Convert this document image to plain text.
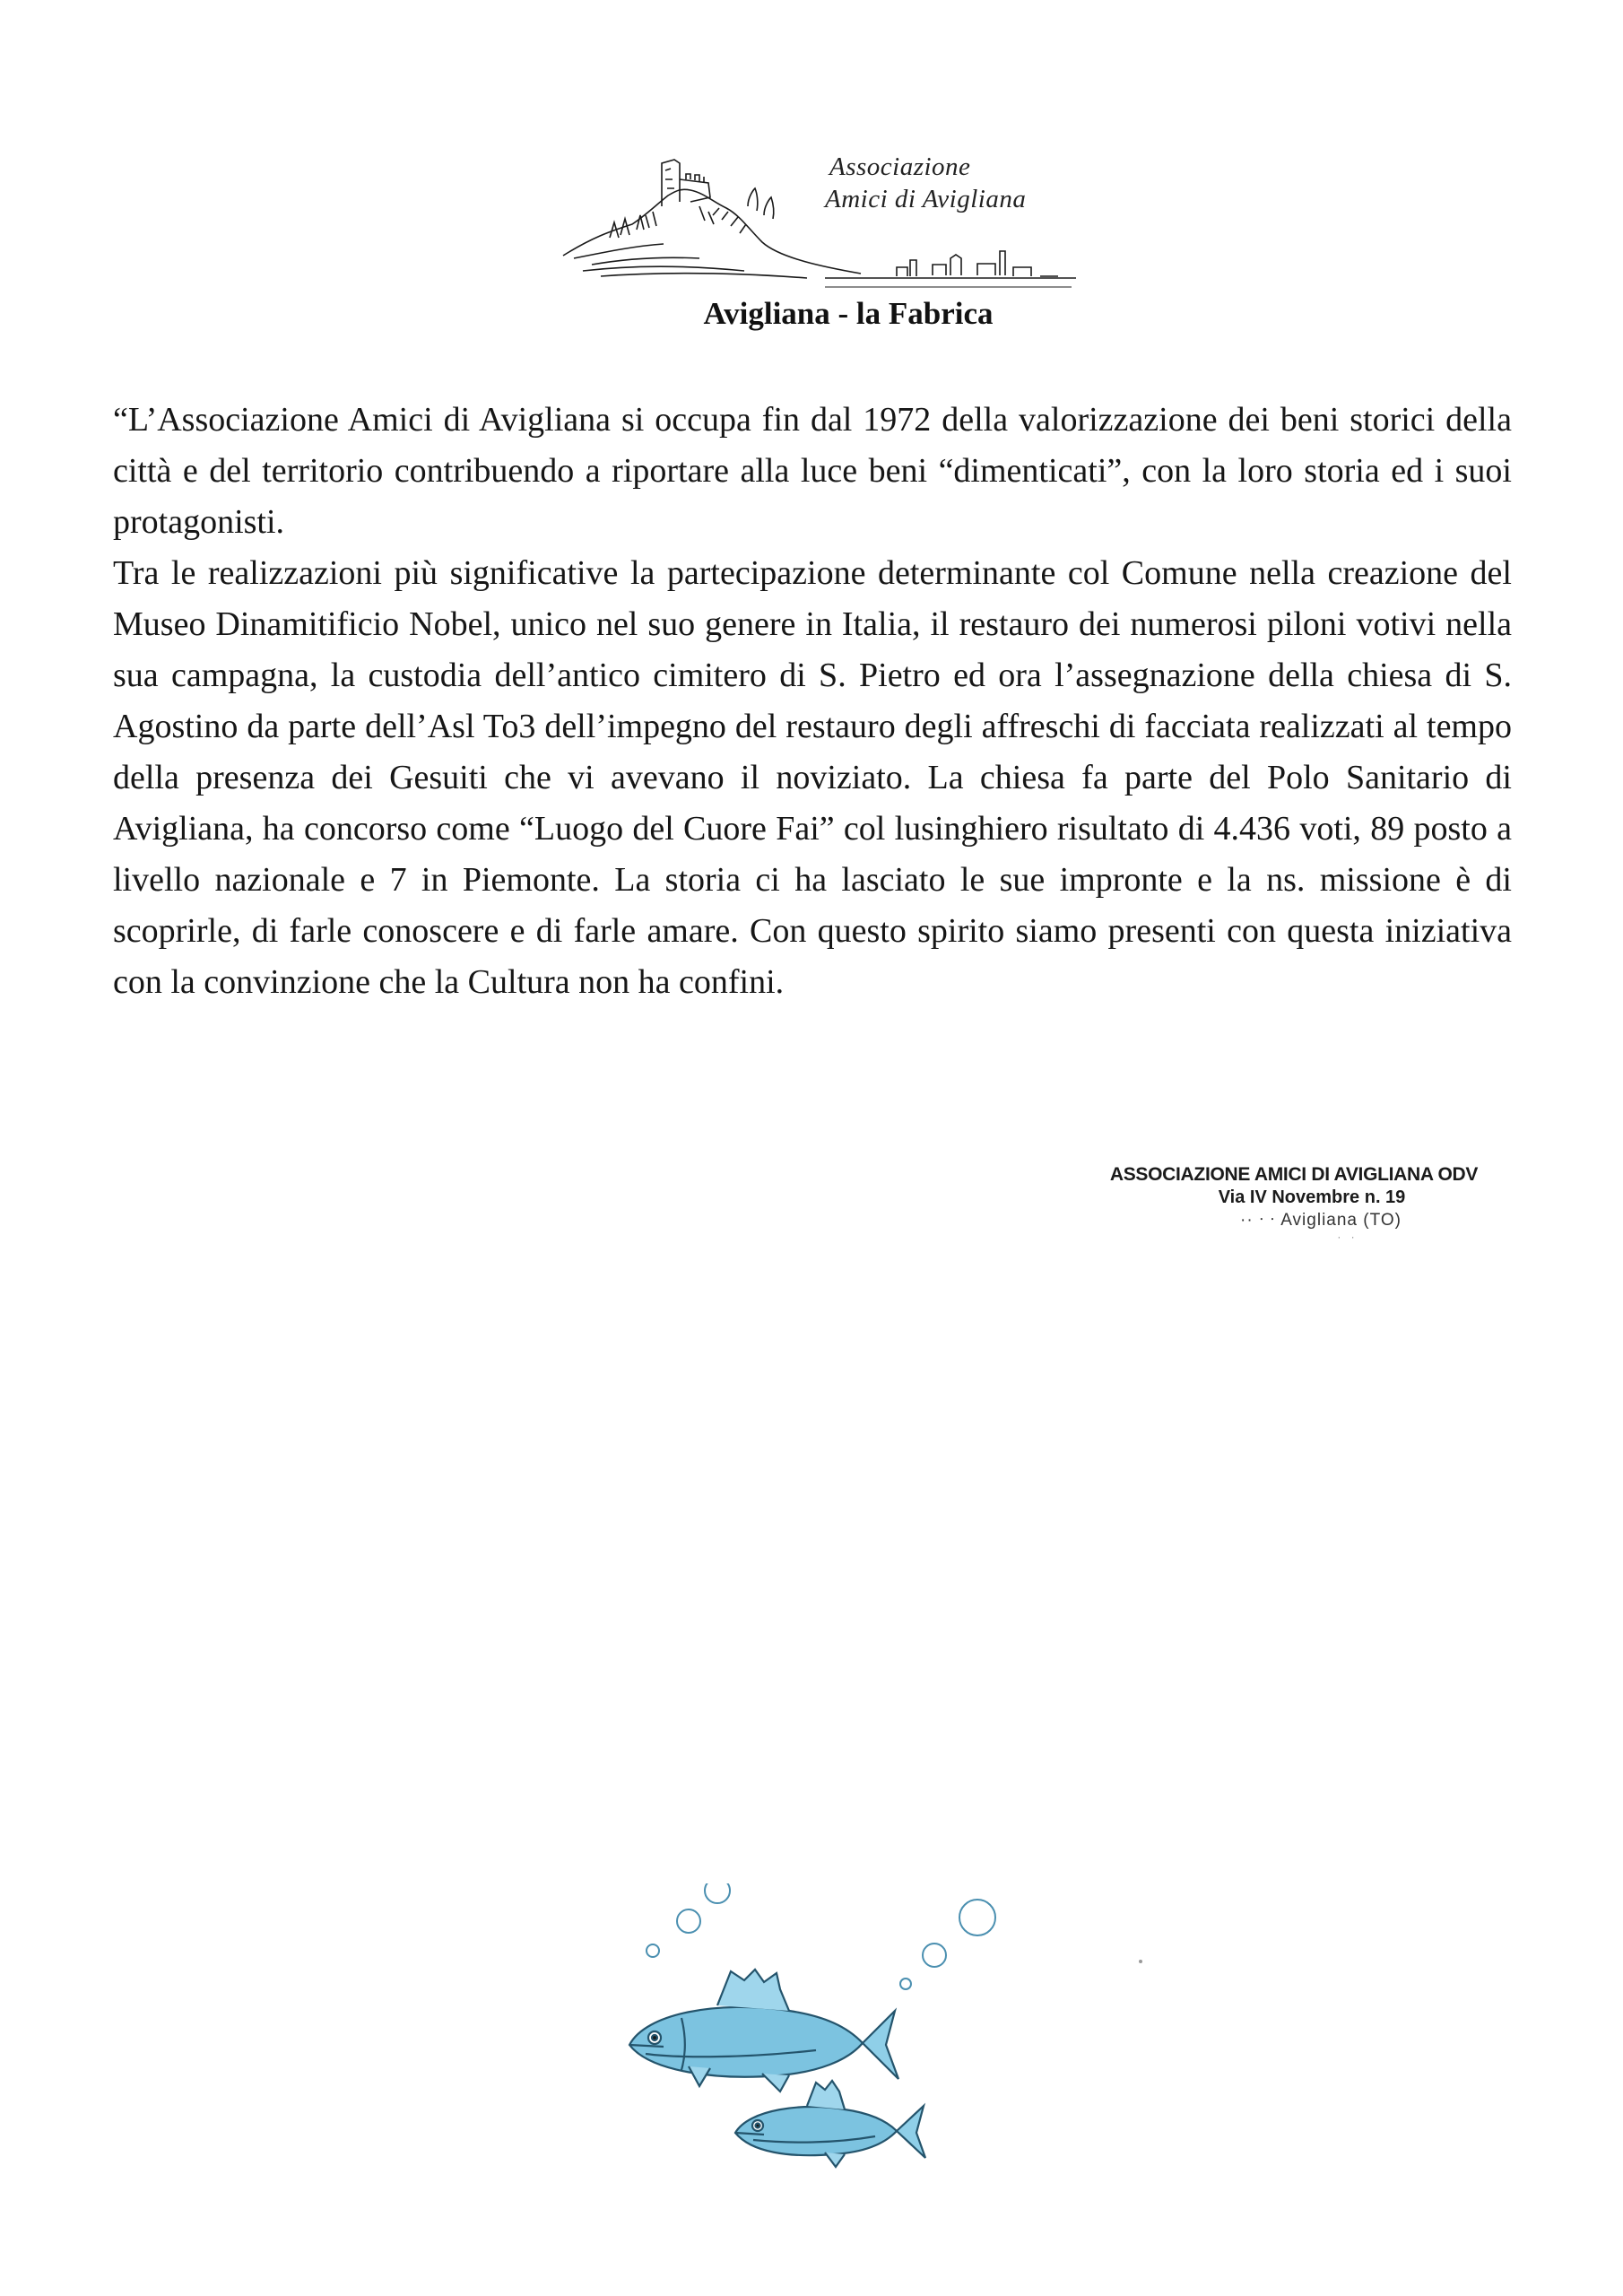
Associazione
Amici di Avigliana
Avigliana - la Fabrica

“L’Associazione Amici di Avigliana si occupa fin dal 1972 della valorizzazione dei beni storici della città e del territorio contribuendo a riportare alla luce beni “dimenticati”, con la loro storia ed i suoi protagonisti.

Tra le realizzazioni più significative la partecipazione determinante col Comune nella creazione del Museo Dinamitificio Nobel, unico nel suo genere in Italia, il restauro dei numerosi piloni votivi nella sua campagna, la custodia dell’antico cimitero di S. Pietro ed ora l’assegnazione della chiesa di S. Agostino da parte dell’Asl To3 dell’impegno del restauro degli affreschi di facciata realizzati al tempo della presenza dei Gesuiti che vi avevano il noviziato. La chiesa fa parte del Polo Sanitario di Avigliana, ha concorso come “Luogo del Cuore Fai” col lusinghiero risultato di 4.436 voti, 89 posto a livello nazionale e 7 in Piemonte. La storia ci ha lasciato le sue impronte e la ns. missione è di scoprirle, di farle conoscere e di farle amare. Con questo spirito siamo presenti con questa iniziativa con la convinzione che la Cultura non ha confini.

ASSOCIAZIONE AMICI DI AVIGLIANA ODV
Via IV Novembre n. 19
·· ᐧ ᐧ Avigliana (TO)
· ·
